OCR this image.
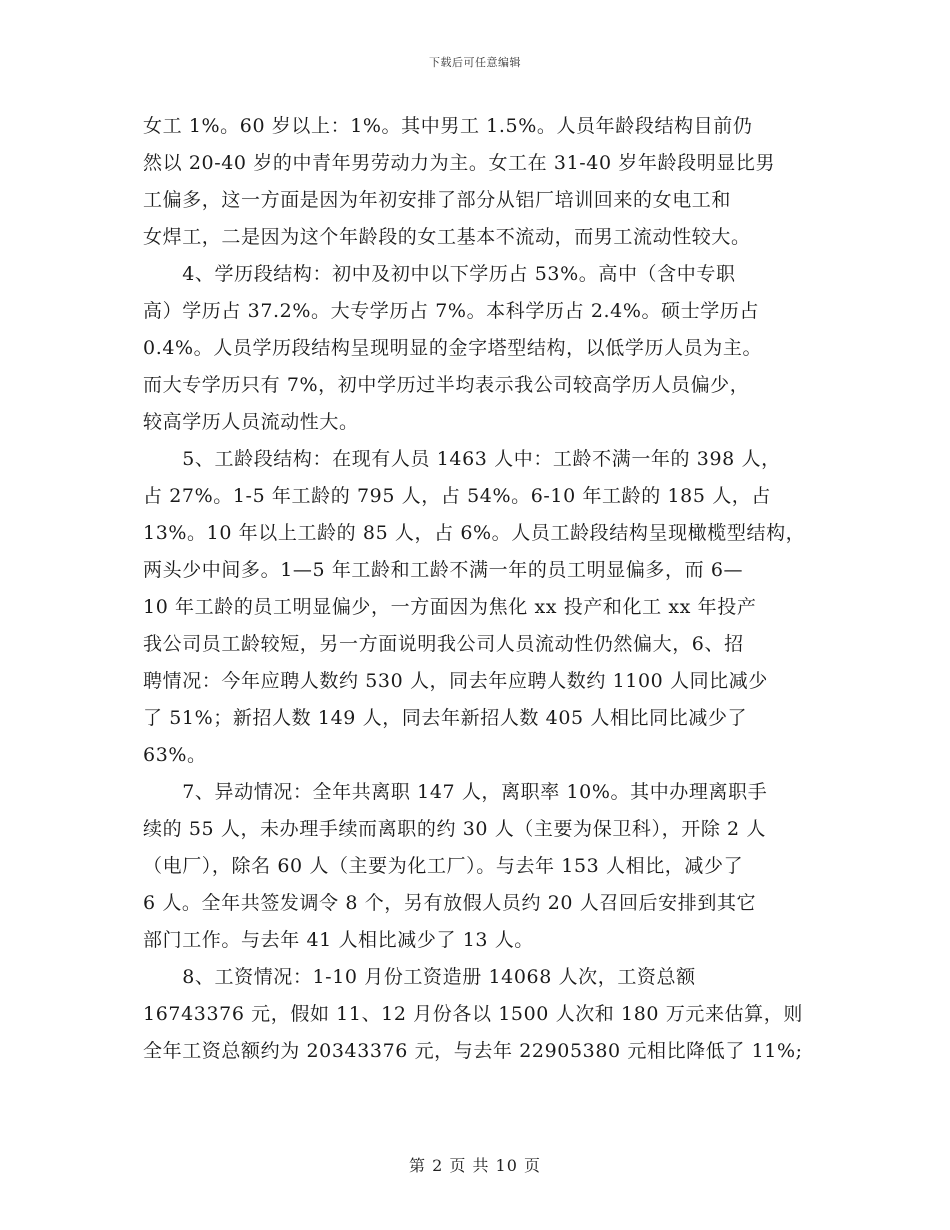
下载后可任意编辑
女工 1%。60 岁以上：1%。其中男工 1.5%。人员年龄段结构目前仍
然以 20-40 岁的中青年男劳动力为主。女工在 31-40 岁年龄段明显比男
工偏多，这一方面是因为年初安排了部分从铝厂培训回来的女电工和
女焊工，二是因为这个年龄段的女工基本不流动，而男工流动性较大。
　　4、学历段结构：初中及初中以下学历占 53%。高中（含中专职
高）学历占 37.2%。大专学历占 7%。本科学历占 2.4%。硕士学历占
0.4%。人员学历段结构呈现明显的金字塔型结构，以低学历人员为主。
而大专学历只有 7%，初中学历过半均表示我公司较高学历人员偏少，
较高学历人员流动性大。
　　5、工龄段结构：在现有人员 1463 人中：工龄不满一年的 398 人，
占 27%。1-5 年工龄的 795 人，占 54%。6-10 年工龄的 185 人，占
13%。10 年以上工龄的 85 人，占 6%。人员工龄段结构呈现橄榄型结构，
两头少中间多。1—5 年工龄和工龄不满一年的员工明显偏多，而 6—
10 年工龄的员工明显偏少，一方面因为焦化 xx 投产和化工 xx 年投产
我公司员工龄较短，另一方面说明我公司人员流动性仍然偏大，6、招
聘情况：今年应聘人数约 530 人，同去年应聘人数约 1100 人同比减少
了 51%；新招人数 149 人，同去年新招人数 405 人相比同比减少了
63%。
　　7、异动情况：全年共离职 147 人，离职率 10%。其中办理离职手
续的 55 人，未办理手续而离职的约 30 人（主要为保卫科），开除 2 人
（电厂），除名 60 人（主要为化工厂）。与去年 153 人相比，减少了
6 人。全年共签发调令 8 个，另有放假人员约 20 人召回后安排到其它
部门工作。与去年 41 人相比减少了 13 人。
　　8、工资情况：1-10 月份工资造册 14068 人次，工资总额
16743376 元，假如 11、12 月份各以 1500 人次和 180 万元来估算，则
全年工资总额约为 20343376 元，与去年 22905380 元相比降低了 11%;
第 2 页 共 10 页
